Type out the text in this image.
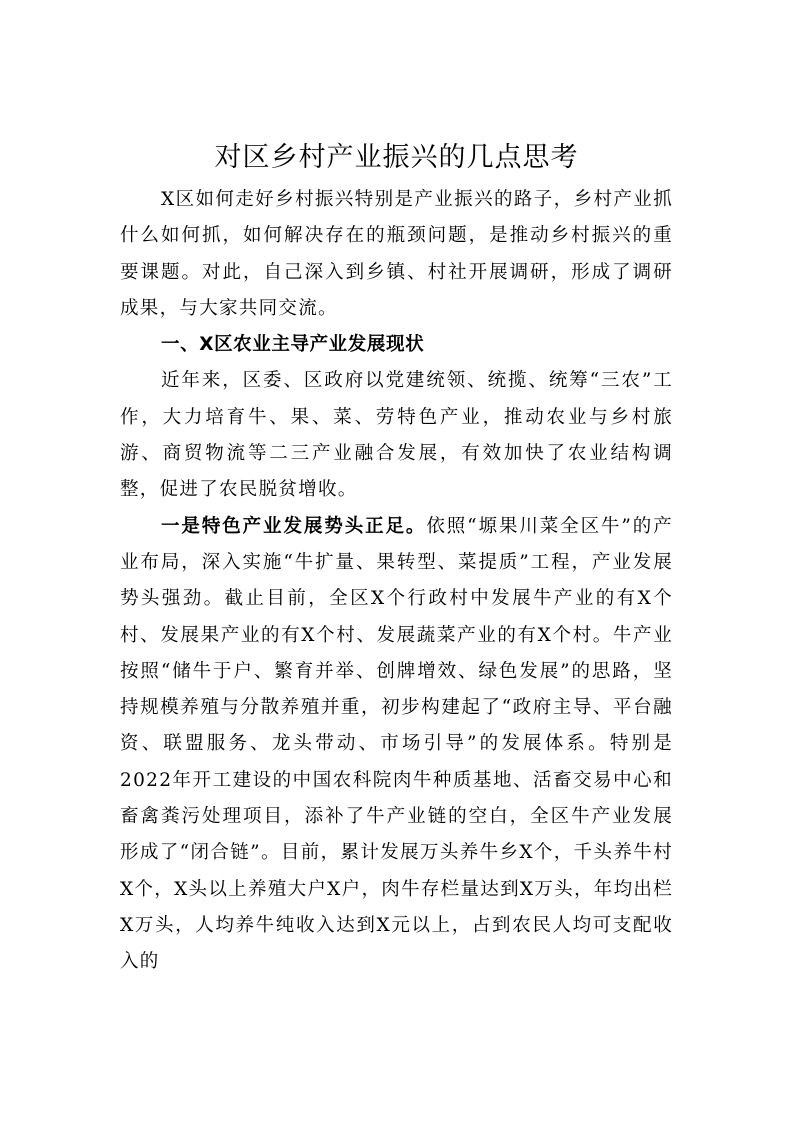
对区乡村产业振兴的几点思考

X区如何走好乡村振兴特别是产业振兴的路子，乡村产业抓什么如何抓，如何解决存在的瓶颈问题，是推动乡村振兴的重要课题。对此，自己深入到乡镇、村社开展调研，形成了调研成果，与大家共同交流。

一、X区农业主导产业发展现状

近年来，区委、区政府以党建统领、统揽、统筹“三农”工作，大力培育牛、果、菜、劳特色产业，推动农业与乡村旅游、商贸物流等二三产业融合发展，有效加快了农业结构调整，促进了农民脱贫增收。

一是特色产业发展势头正足。依照“塬果川菜全区牛”的产业布局，深入实施“牛扩量、果转型、菜提质”工程，产业发展势头强劲。截止目前，全区X个行政村中发展牛产业的有X个村、发展果产业的有X个村、发展蔬菜产业的有X个村。牛产业按照“储牛于户、繁育并举、创牌增效、绿色发展”的思路，坚持规模养殖与分散养殖并重，初步构建起了“政府主导、平台融资、联盟服务、龙头带动、市场引导”的发展体系。特别是2022年开工建设的中国农科院肉牛种质基地、活畜交易中心和畜禽粪污处理项目，添补了牛产业链的空白，全区牛产业发展形成了“闭合链”。目前，累计发展万头养牛乡X个，千头养牛村X个，X头以上养殖大户X户，肉牛存栏量达到X万头，年均出栏X万头，人均养牛纯收入达到X元以上，占到农民人均可支配收入的
